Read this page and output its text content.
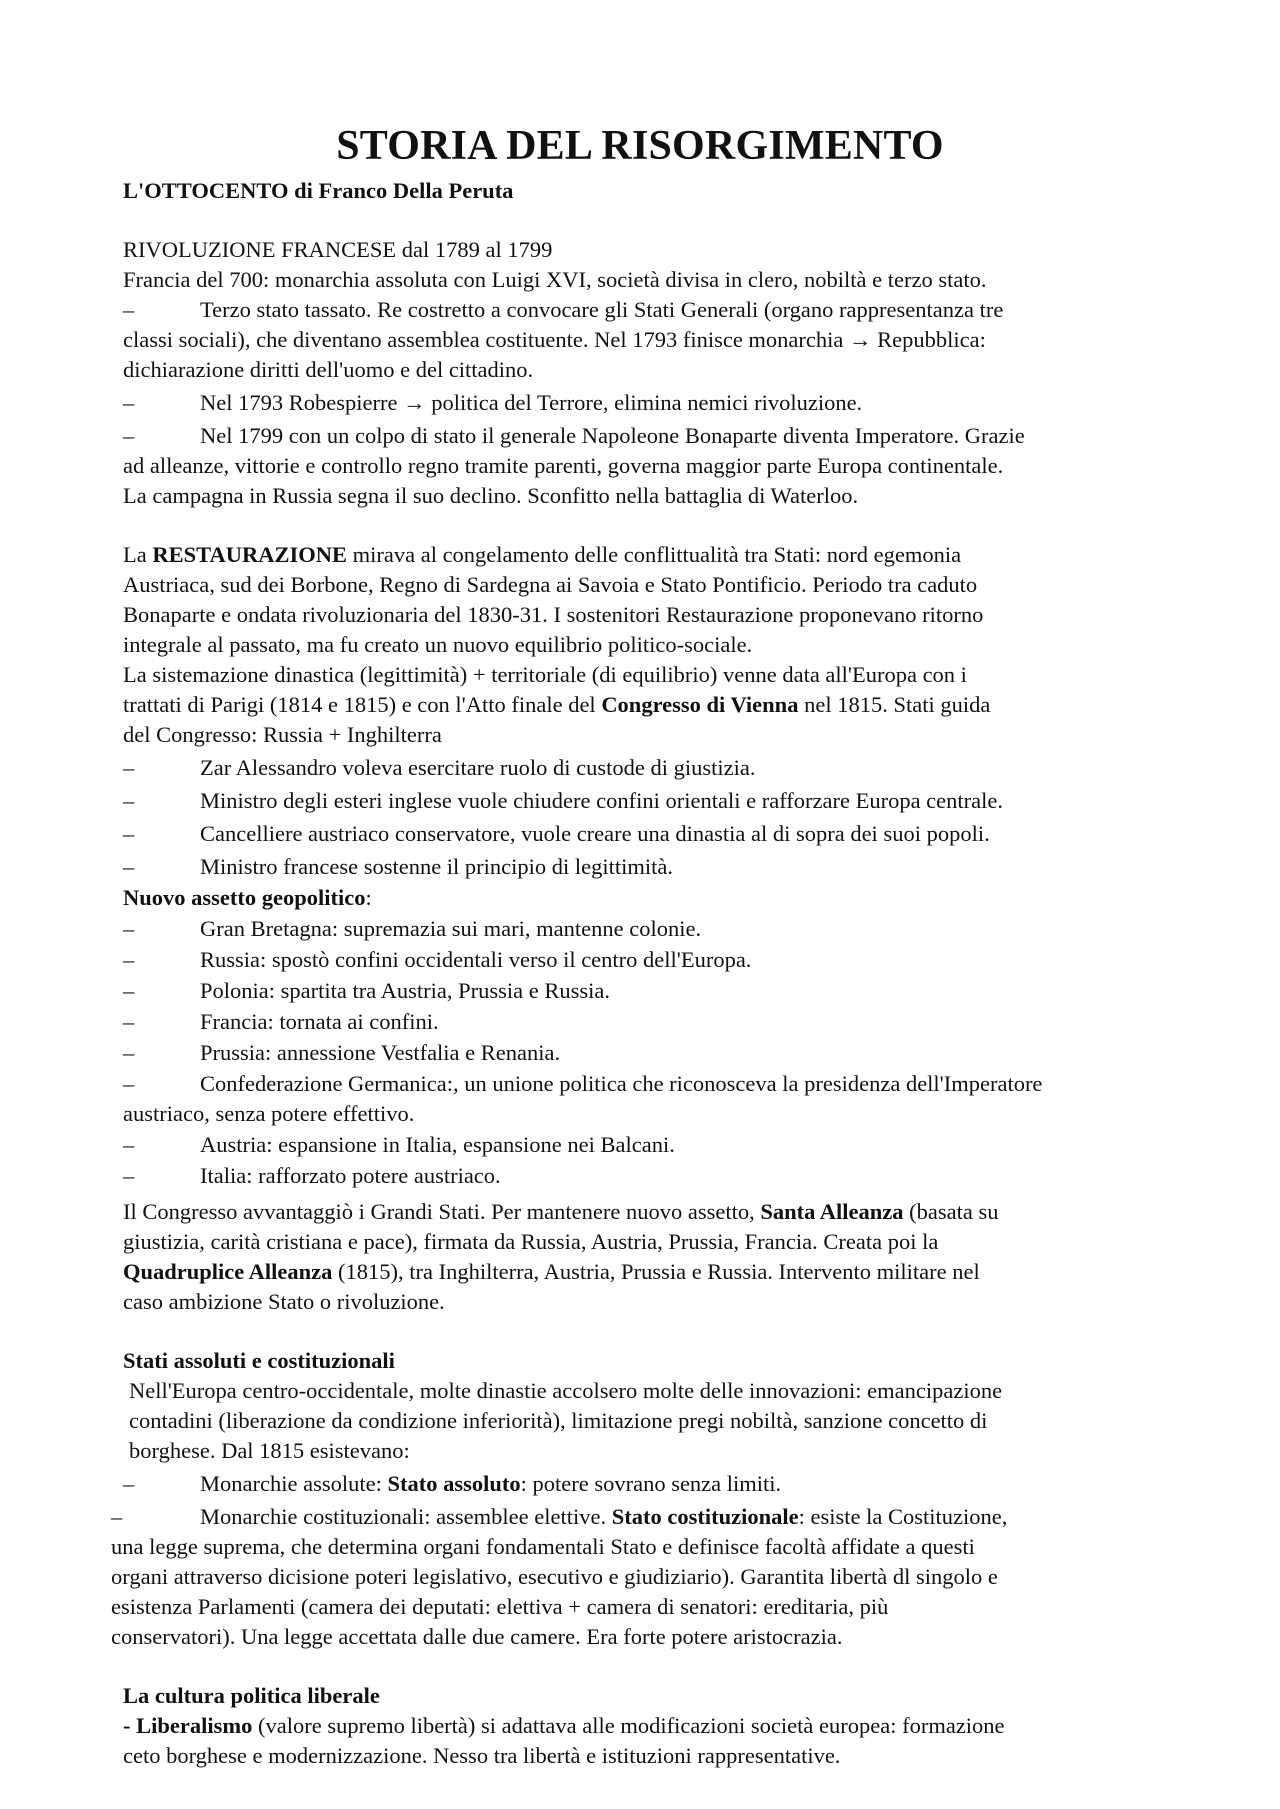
STORIA DEL RISORGIMENTO
L'OTTOCENTO di Franco Della Peruta
RIVOLUZIONE FRANCESE dal 1789 al 1799
Francia del 700: monarchia assoluta con Luigi XVI, società divisa in clero, nobiltà e terzo stato.
–	Terzo stato tassato. Re costretto a convocare gli Stati Generali (organo rappresentanza tre
classi sociali), che diventano assemblea costituente. Nel 1793 finisce monarchia → Repubblica:
dichiarazione diritti dell'uomo e del cittadino.
–	Nel 1793 Robespierre → politica del Terrore, elimina nemici rivoluzione.
–	Nel 1799 con un colpo di stato il generale Napoleone Bonaparte diventa Imperatore. Grazie
ad alleanze, vittorie e controllo regno tramite parenti, governa maggior parte Europa continentale.
La campagna in Russia segna il suo declino. Sconfitto nella battaglia di Waterloo.
La RESTAURAZIONE mirava al congelamento delle conflittualità tra Stati: nord egemonia
Austriaca, sud dei Borbone, Regno di Sardegna ai Savoia e Stato Pontificio. Periodo tra caduto
Bonaparte e ondata rivoluzionaria del 1830-31. I sostenitori Restaurazione proponevano ritorno
integrale al passato, ma fu creato un nuovo equilibrio politico-sociale.
La sistemazione dinastica (legittimità) + territoriale (di equilibrio) venne data all'Europa con i
trattati di Parigi (1814 e 1815) e con l'Atto finale del Congresso di Vienna nel 1815. Stati guida
del Congresso: Russia + Inghilterra
–	Zar Alessandro voleva esercitare ruolo di custode di giustizia.
–	Ministro degli esteri inglese vuole chiudere confini orientali e rafforzare Europa centrale.
–	Cancelliere austriaco conservatore, vuole creare una dinastia al di sopra dei suoi popoli.
–	Ministro francese sostenne il principio di legittimità.
Nuovo assetto geopolitico:
–	Gran Bretagna: supremazia sui mari, mantenne colonie.
–	Russia: spostò confini occidentali verso il centro dell'Europa.
–	Polonia: spartita tra Austria, Prussia e Russia.
–	Francia: tornata ai confini.
–	Prussia: annessione Vestfalia e Renania.
–	Confederazione Germanica:, un unione politica che riconosceva la presidenza dell'Imperatore
austriaco, senza potere effettivo.
–	Austria: espansione in Italia, espansione nei Balcani.
–	Italia: rafforzato potere austriaco.
Il Congresso avvantaggiò i Grandi Stati. Per mantenere nuovo assetto, Santa Alleanza (basata su
giustizia, carità cristiana e pace), firmata da Russia, Austria, Prussia, Francia. Creata poi la
Quadruplice Alleanza (1815), tra Inghilterra, Austria, Prussia e Russia. Intervento militare nel
caso ambizione Stato o rivoluzione.
Stati assoluti e costituzionali
Nell'Europa centro-occidentale, molte dinastie accolsero molte delle innovazioni: emancipazione
contadini (liberazione da condizione inferiorità), limitazione pregi nobiltà, sanzione concetto di
borghese. Dal 1815 esistevano:
–	Monarchie assolute: Stato assoluto: potere sovrano senza limiti.
–	Monarchie costituzionali: assemblee elettive. Stato costituzionale: esiste la Costituzione,
una legge suprema, che determina organi fondamentali Stato e definisce facoltà affidate a questi
organi attraverso dicisione poteri legislativo, esecutivo e giudiziario). Garantita libertà dl singolo e
esistenza Parlamenti (camera dei deputati: elettiva + camera di senatori: ereditaria, più
conservatori). Una legge accettata dalle due camere. Era forte potere aristocrazia.
La cultura politica liberale
- Liberalismo (valore supremo libertà) si adattava alle modificazioni società europea: formazione
ceto borghese e modernizzazione. Nesso tra libertà e istituzioni rappresentative.
